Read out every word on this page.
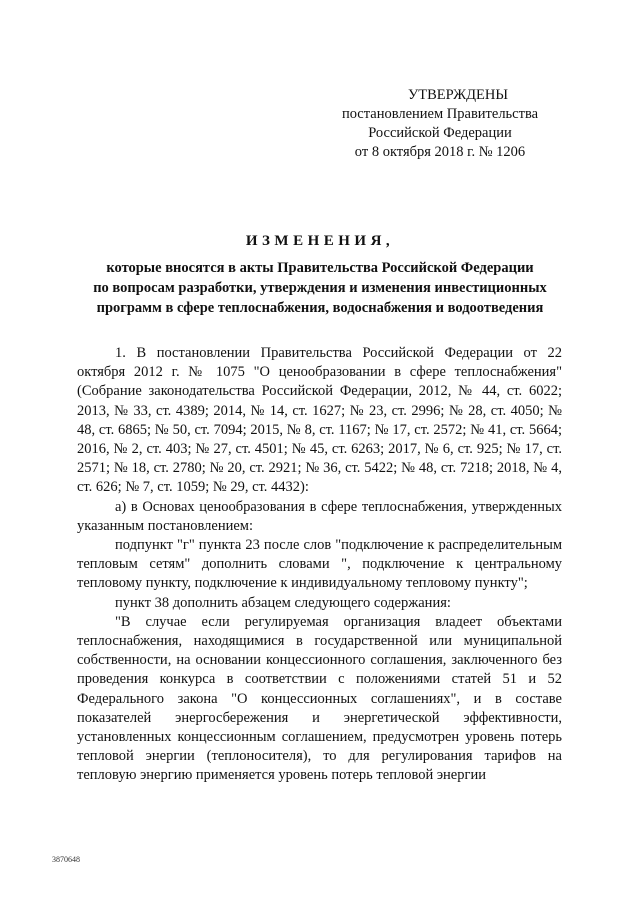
УТВЕРЖДЕНЫ
постановлением Правительства
Российской Федерации
от 8 октября 2018 г. № 1206
ИЗМЕНЕНИЯ,
которые вносятся в акты Правительства Российской Федерации
по вопросам разработки, утверждения и изменения инвестиционных
программ в сфере теплоснабжения, водоснабжения и водоотведения

1. В постановлении Правительства Российской Федерации от 22 октября 2012 г. № 1075 "О ценообразовании в сфере теплоснабжения" (Собрание законодательства Российской Федерации, 2012, № 44, ст. 6022; 2013, № 33, ст. 4389; 2014, № 14, ст. 1627; № 23, ст. 2996; № 28, ст. 4050; № 48, ст. 6865; № 50, ст. 7094; 2015, № 8, ст. 1167; № 17, ст. 2572; № 41, ст. 5664; 2016, № 2, ст. 403; № 27, ст. 4501; № 45, ст. 6263; 2017, № 6, ст. 925; № 17, ст. 2571; № 18, ст. 2780; № 20, ст. 2921; № 36, ст. 5422; № 48, ст. 7218; 2018, № 4, ст. 626; № 7, ст. 1059; № 29, ст. 4432):

а) в Основах ценообразования в сфере теплоснабжения, утвержденных указанным постановлением:

подпункт "г" пункта 23 после слов "подключение к распределительным тепловым сетям" дополнить словами ", подключение к центральному тепловому пункту, подключение к индивидуальному тепловому пункту";

пункт 38 дополнить абзацем следующего содержания:

"В случае если регулируемая организация владеет объектами теплоснабжения, находящимися в государственной или муниципальной собственности, на основании концессионного соглашения, заключенного без проведения конкурса в соответствии с положениями статей 51 и 52 Федерального закона "О концессионных соглашениях", и в составе показателей энергосбережения и энергетической эффективности, установленных концессионным соглашением, предусмотрен уровень потерь тепловой энергии (теплоносителя), то для регулирования тарифов на тепловую энергию применяется уровень потерь тепловой энергии

3870648
